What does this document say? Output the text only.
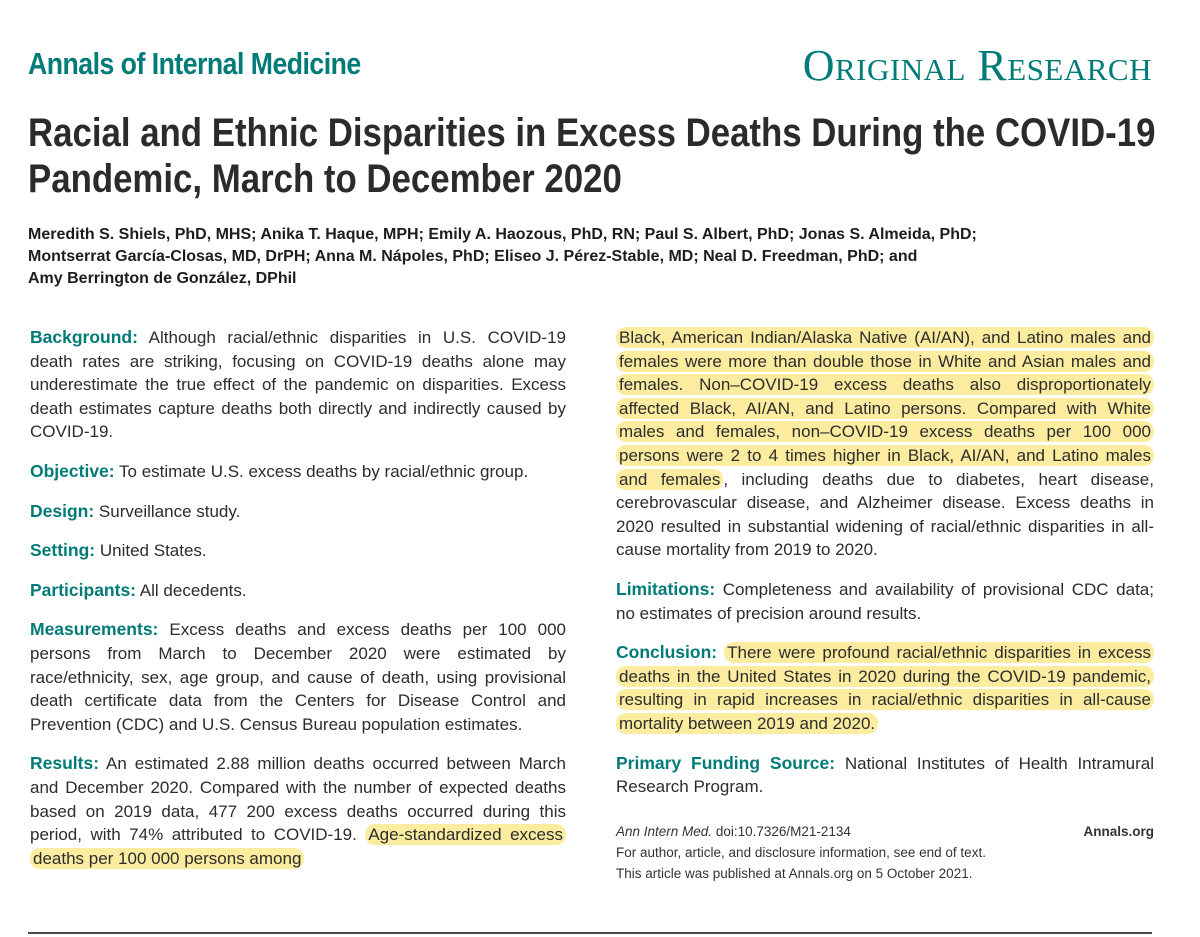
Annals of Internal Medicine	Original Research
Racial and Ethnic Disparities in Excess Deaths During the COVID-19 Pandemic, March to December 2020
Meredith S. Shiels, PhD, MHS; Anika T. Haque, MPH; Emily A. Haozous, PhD, RN; Paul S. Albert, PhD; Jonas S. Almeida, PhD;
Montserrat García-Closas, MD, DrPH; Anna M. Nápoles, PhD; Eliseo J. Pérez-Stable, MD; Neal D. Freedman, PhD; and
Amy Berrington de González, DPhil

Background: Although racial/ethnic disparities in U.S. COVID-19 death rates are striking, focusing on COVID-19 deaths alone may underestimate the true effect of the pandemic on disparities. Excess death estimates capture deaths both directly and indirectly caused by COVID-19.

Objective: To estimate U.S. excess deaths by racial/ethnic group.

Design: Surveillance study.

Setting: United States.

Participants: All decedents.

Measurements: Excess deaths and excess deaths per 100 000 persons from March to December 2020 were estimated by race/ethnicity, sex, age group, and cause of death, using provisional death certificate data from the Centers for Disease Control and Prevention (CDC) and U.S. Census Bureau population estimates.

Results: An estimated 2.88 million deaths occurred between March and December 2020. Compared with the number of expected deaths based on 2019 data, 477 200 excess deaths occurred during this period, with 74% attributed to COVID-19. Age-standardized excess deaths per 100 000 persons among

Black, American Indian/Alaska Native (AI/AN), and Latino males and females were more than double those in White and Asian males and females. Non–COVID-19 excess deaths also disproportionately affected Black, AI/AN, and Latino persons. Compared with White males and females, non–COVID-19 excess deaths per 100 000 persons were 2 to 4 times higher in Black, AI/AN, and Latino males and females , including deaths due to diabetes, heart disease, cerebrovascular disease, and Alzheimer disease. Excess deaths in 2020 resulted in substantial widening of racial/ethnic disparities in all-cause mortality from 2019 to 2020.

Limitations: Completeness and availability of provisional CDC data; no estimates of precision around results.

Conclusion: There were profound racial/ethnic disparities in excess deaths in the United States in 2020 during the COVID-19 pandemic, resulting in rapid increases in racial/ethnic disparities in all-cause mortality between 2019 and 2020.

Primary Funding Source: National Institutes of Health Intramural Research Program.

Ann Intern Med. doi:10.7326/M21-2134	Annals.org
For author, article, and disclosure information, see end of text.
This article was published at Annals.org on 5 October 2021.
